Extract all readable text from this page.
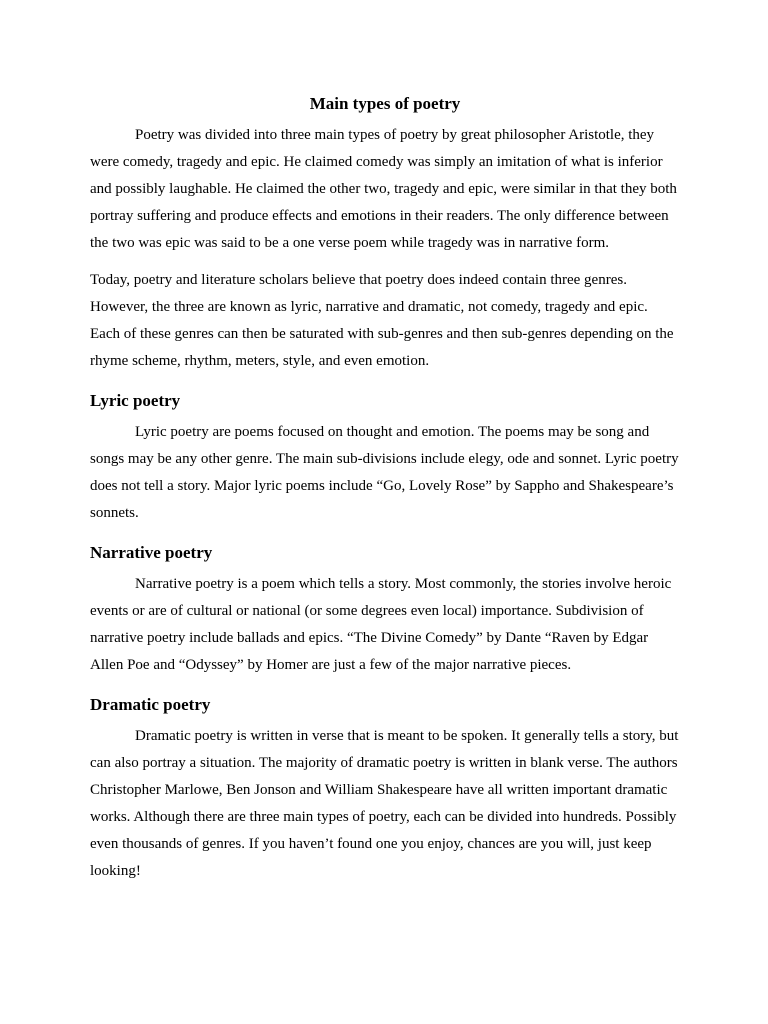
Main types of poetry

Poetry was divided into three main types of poetry by great philosopher Aristotle, they were comedy, tragedy and epic. He claimed comedy was simply an imitation of what is inferior and possibly laughable. He claimed the other two, tragedy and epic, were similar in that they both portray suffering and produce effects and emotions in their readers. The only difference between the two was epic was said to be a one verse poem while tragedy was in narrative form.

Today, poetry and literature scholars believe that poetry does indeed contain three genres. However, the three are known as lyric, narrative and dramatic, not comedy, tragedy and epic. Each of these genres can then be saturated with sub-genres and then sub-genres depending on the rhyme scheme, rhythm, meters, style, and even emotion.

Lyric poetry

Lyric poetry are poems focused on thought and emotion. The poems may be song and songs may be any other genre. The main sub-divisions include elegy, ode and sonnet. Lyric poetry does not tell a story. Major lyric poems include “Go, Lovely Rose” by Sappho and Shakespeare’s sonnets.

Narrative poetry

Narrative poetry is a poem which tells a story. Most commonly, the stories involve heroic events or are of cultural or national (or some degrees even local) importance. Subdivision of narrative poetry include ballads and epics. “The Divine Comedy” by Dante “Raven by Edgar Allen Poe and “Odyssey” by Homer are just a few of the major narrative pieces.

Dramatic poetry

Dramatic poetry is written in verse that is meant to be spoken. It generally tells a story, but can also portray a situation. The majority of dramatic poetry is written in blank verse. The authors Christopher Marlowe, Ben Jonson and William Shakespeare have all written important dramatic works. Although there are three main types of poetry, each can be divided into hundreds. Possibly even thousands of genres. If you haven’t found one you enjoy, chances are you will, just keep looking!
